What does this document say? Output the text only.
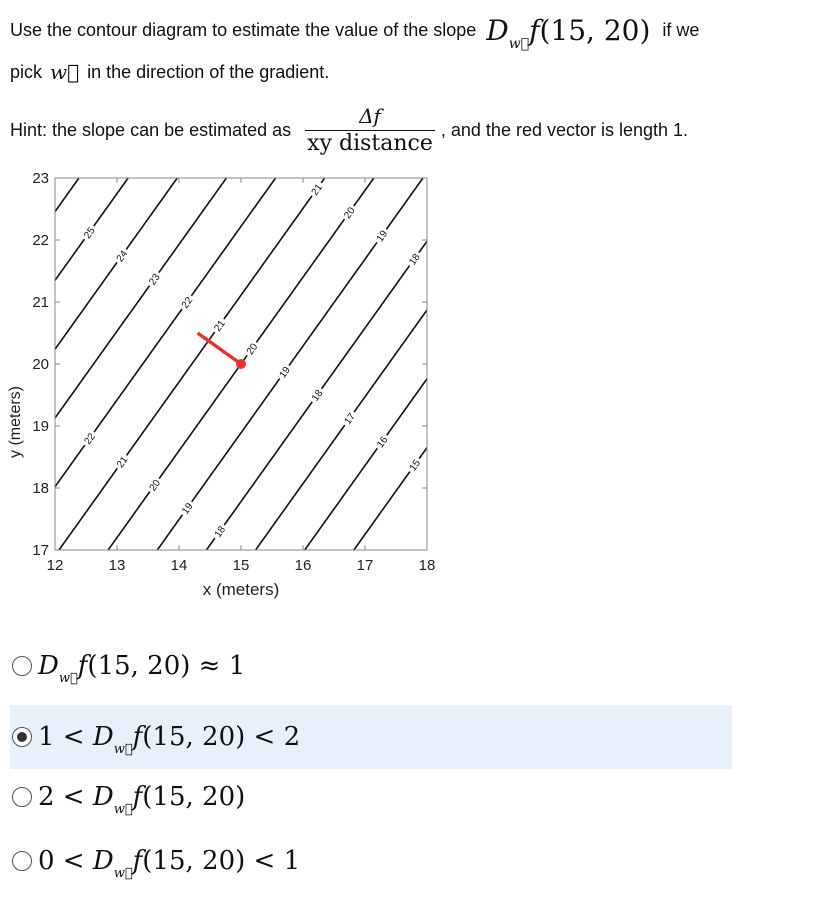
Use the contour diagram to estimate the value of the slope $D_{w⃗}f(15$, 20) if we
pick w⃗ in the direction of the gradient.
Hint: the slope can be estimated as $\frac{\Delta f}{\text{xy distance}}$ , and the red vector is length 1.
15
16
17
18
18
18
19
19
19
20
20
20
21
21
21
22
22
23
24
25
12	13	14	15	16	17	18
17
18
19
20
21
22
23
x (meters)
y (meters)
$D_{w⃗}f(15$, 20) ≈ 1
$1 < D_{w⃗}f(15$, 20) < 2
$2 < D_{w⃗}f(15$, 20)
$0 < D_{w⃗}f(15$, 20) < 1
